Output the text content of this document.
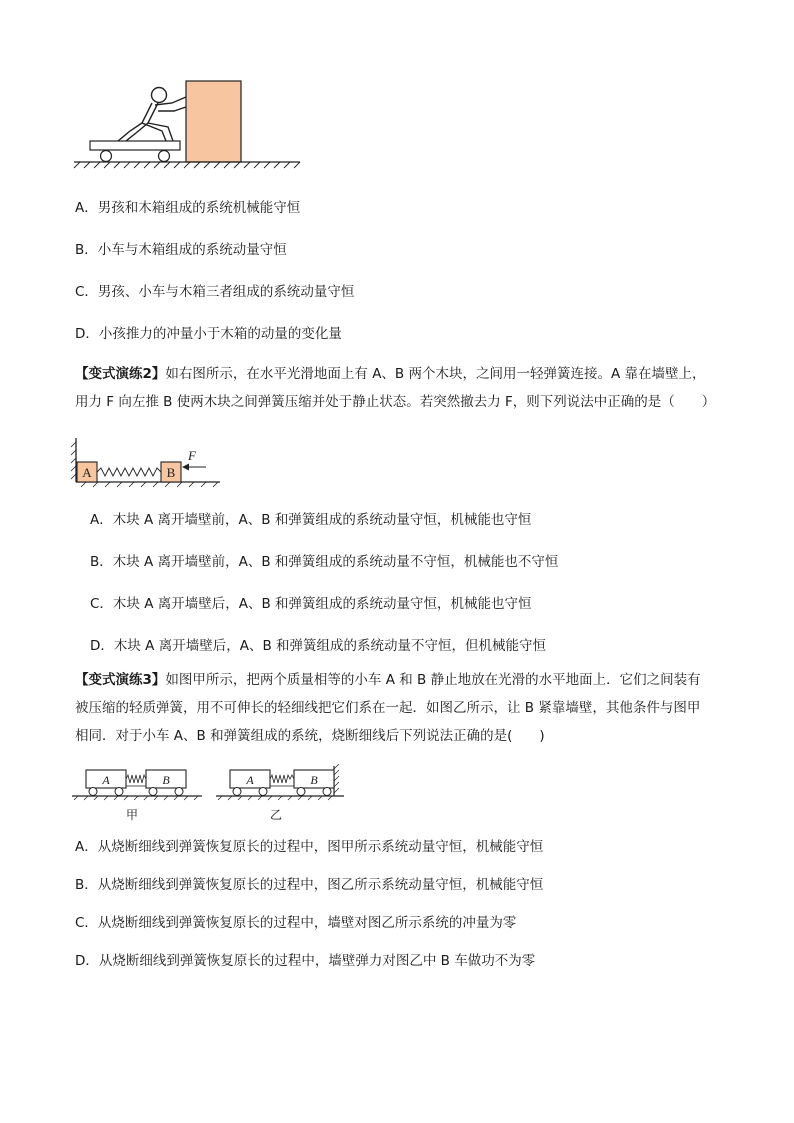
A．男孩和木箱组成的系统机械能守恒
B．小车与木箱组成的系统动量守恒
C．男孩、小车与木箱三者组成的系统动量守恒
D．小孩推力的冲量小于木箱的动量的变化量
【变式演练2】如右图所示，在水平光滑地面上有 A、B 两个木块，之间用一轻弹簧连接。A 靠在墙壁上，
用力 F 向左推 B 使两木块之间弹簧压缩并处于静止状态。若突然撤去力 F，则下列说法中正确的是（　　）
A	B
F
A．木块 A 离开墙壁前，A、B 和弹簧组成的系统动量守恒，机械能也守恒
B．木块 A 离开墙壁前，A、B 和弹簧组成的系统动量不守恒，机械能也不守恒
C．木块 A 离开墙壁后，A、B 和弹簧组成的系统动量守恒，机械能也守恒
D．木块 A 离开墙壁后，A、B 和弹簧组成的系统动量不守恒，但机械能守恒
【变式演练3】如图甲所示，把两个质量相等的小车 A 和 B 静止地放在光滑的水平地面上．它们之间装有
被压缩的轻质弹簧，用不可伸长的轻细线把它们系在一起．如图乙所示，让 B 紧靠墙壁，其他条件与图甲
相同．对于小车 A、B 和弹簧组成的系统，烧断细线后下列说法正确的是(　　)
A	B
甲
A	B
乙
A．从烧断细线到弹簧恢复原长的过程中，图甲所示系统动量守恒，机械能守恒
B．从烧断细线到弹簧恢复原长的过程中，图乙所示系统动量守恒，机械能守恒
C．从烧断细线到弹簧恢复原长的过程中，墙壁对图乙所示系统的冲量为零
D．从烧断细线到弹簧恢复原长的过程中，墙壁弹力对图乙中 B 车做功不为零
